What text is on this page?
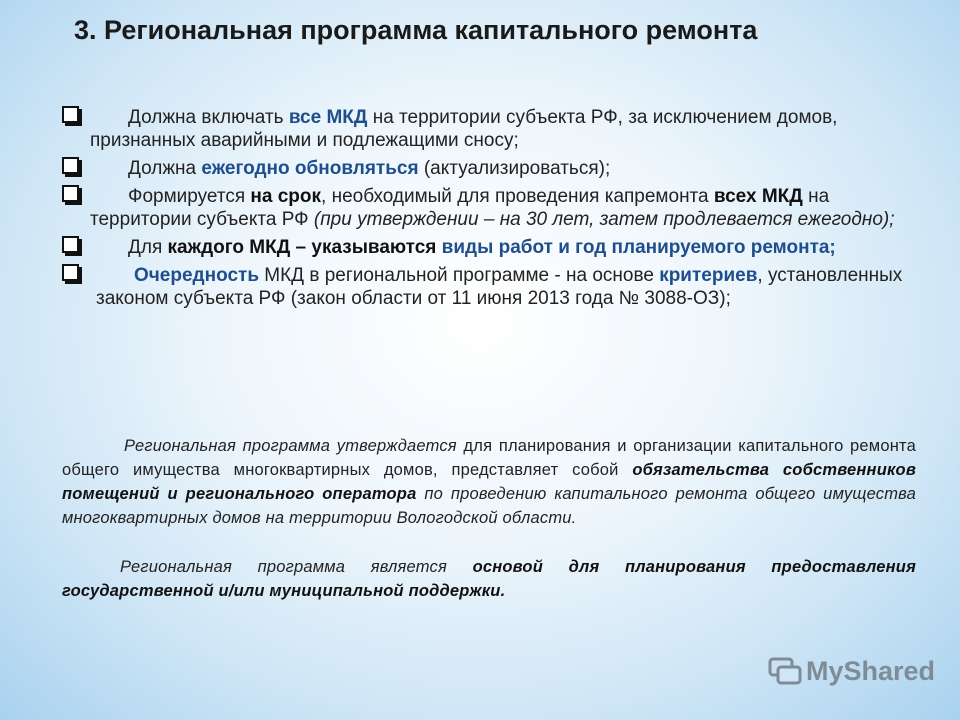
3. Региональная программа капитального ремонта
Должна включать все МКД на территории субъекта РФ, за исключением домов, признанных аварийными и подлежащими сносу;
Должна ежегодно обновляться (актуализироваться);
Формируется на срок, необходимый для проведения капремонта всех МКД на территории субъекта РФ (при утверждении – на 30 лет, затем продлевается ежегодно);
Для каждого МКД – указываются виды работ и год планируемого ремонта;
Очередность МКД в региональной программе - на основе критериев, установленных законом субъекта РФ (закон области от 11 июня 2013 года № 3088-ОЗ);
Региональная программа утверждается для планирования и организации капитального ремонта общего имущества многоквартирных домов, представляет собой обязательства собственников помещений и регионального оператора по проведению капитального ремонта общего имущества многоквартирных домов на территории Вологодской области.
Региональная программа является основой для планирования предоставления государственной и/или муниципальной поддержки.
MyShared
